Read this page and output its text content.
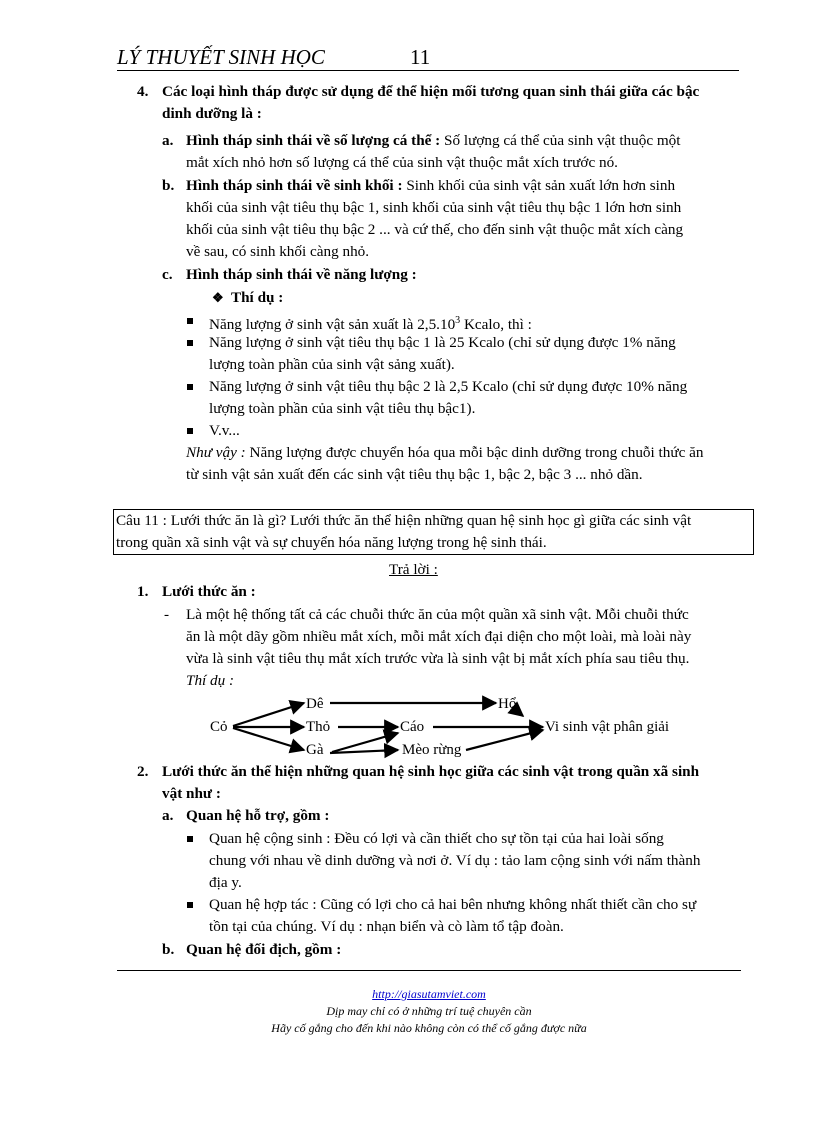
LÝ THUYẾT SINH HỌC	11
4. Các loại hình tháp được sử dụng để thể hiện mối tương quan sinh thái giữa các bậc
dinh dưỡng là :
a. Hình tháp sinh thái về số lượng cá thể : Số lượng cá thể của sinh vật thuộc một
mắt xích nhỏ hơn số lượng cá thể của sinh vật thuộc mắt xích trước nó.
b. Hình tháp sinh thái về sinh khối : Sinh khối của sinh vật sản xuất lớn hơn sinh
khối của sinh vật tiêu thụ bậc 1, sinh khối của sinh vật tiêu thụ bậc 1 lớn hơn sinh
khối của sinh vật tiêu thụ bậc 2 ... và cứ thế, cho đến sinh vật thuộc mắt xích càng
về sau, có sinh khối càng nhỏ.
c. Hình tháp sinh thái về năng lượng :
❖ Thí dụ :
Năng lượng ở sinh vật sản xuất là 2,5.10$^3$ Kcalo, thì :
Năng lượng ở sinh vật tiêu thụ bậc 1 là 25 Kcalo (chỉ sử dụng được 1% năng
lượng toàn phần của sinh vật sảng xuất).
Năng lượng ở sinh vật tiêu thụ bậc 2 là 2,5 Kcalo (chỉ sử dụng được 10% năng
lượng toàn phần của sinh vật tiêu thụ bậc1).
V.v...
Như vậy : Năng lượng được chuyển hóa qua mỗi bậc dinh dưỡng trong chuỗi thức ăn
từ sinh vật sản xuất đến các sinh vật tiêu thụ bậc 1, bậc 2, bậc 3 ... nhỏ dần.
Câu 11 : Lưới thức ăn là gì? Lưới thức ăn thể hiện những quan hệ sinh học gì giữa các sinh vật
trong quần xã sinh vật và sự chuyển hóa năng lượng trong hệ sinh thái.
Trả lời :
1. Lưới thức ăn :
- Là một hệ thống tất cả các chuỗi thức ăn của một quần xã sinh vật. Mỗi chuỗi thức
ăn là một dãy gồm nhiều mắt xích, mỗi mắt xích đại diện cho một loài, mà loài này
vừa là sinh vật tiêu thụ mắt xích trước vừa là sinh vật bị mắt xích phía sau tiêu thụ.
Thí dụ :
Cỏ
Dê	Hổ
Thỏ	Cáo	Vi sinh vật phân giải
Gà	Mèo rừng
2. Lưới thức ăn thể hiện những quan hệ sinh học giữa các sinh vật trong quần xã sinh
vật như :
a. Quan hệ hỗ trợ, gồm :
Quan hệ cộng sinh : Đều có lợi và cần thiết cho sự tồn tại của hai loài sống
chung với nhau về dinh dưỡng và nơi ở. Ví dụ : tảo lam cộng sinh với nấm thành
địa y.
Quan hệ hợp tác : Cũng có lợi cho cả hai bên nhưng không nhất thiết cần cho sự
tồn tại của chúng. Ví dụ : nhạn biển và cò làm tổ tập đoàn.
b. Quan hệ đối địch, gồm :
http://giasutamviet.com
Dịp may chỉ có ở những trí tuệ chuyên cần
Hãy cố gắng cho đến khi nào không còn có thể cố gắng được nữa
